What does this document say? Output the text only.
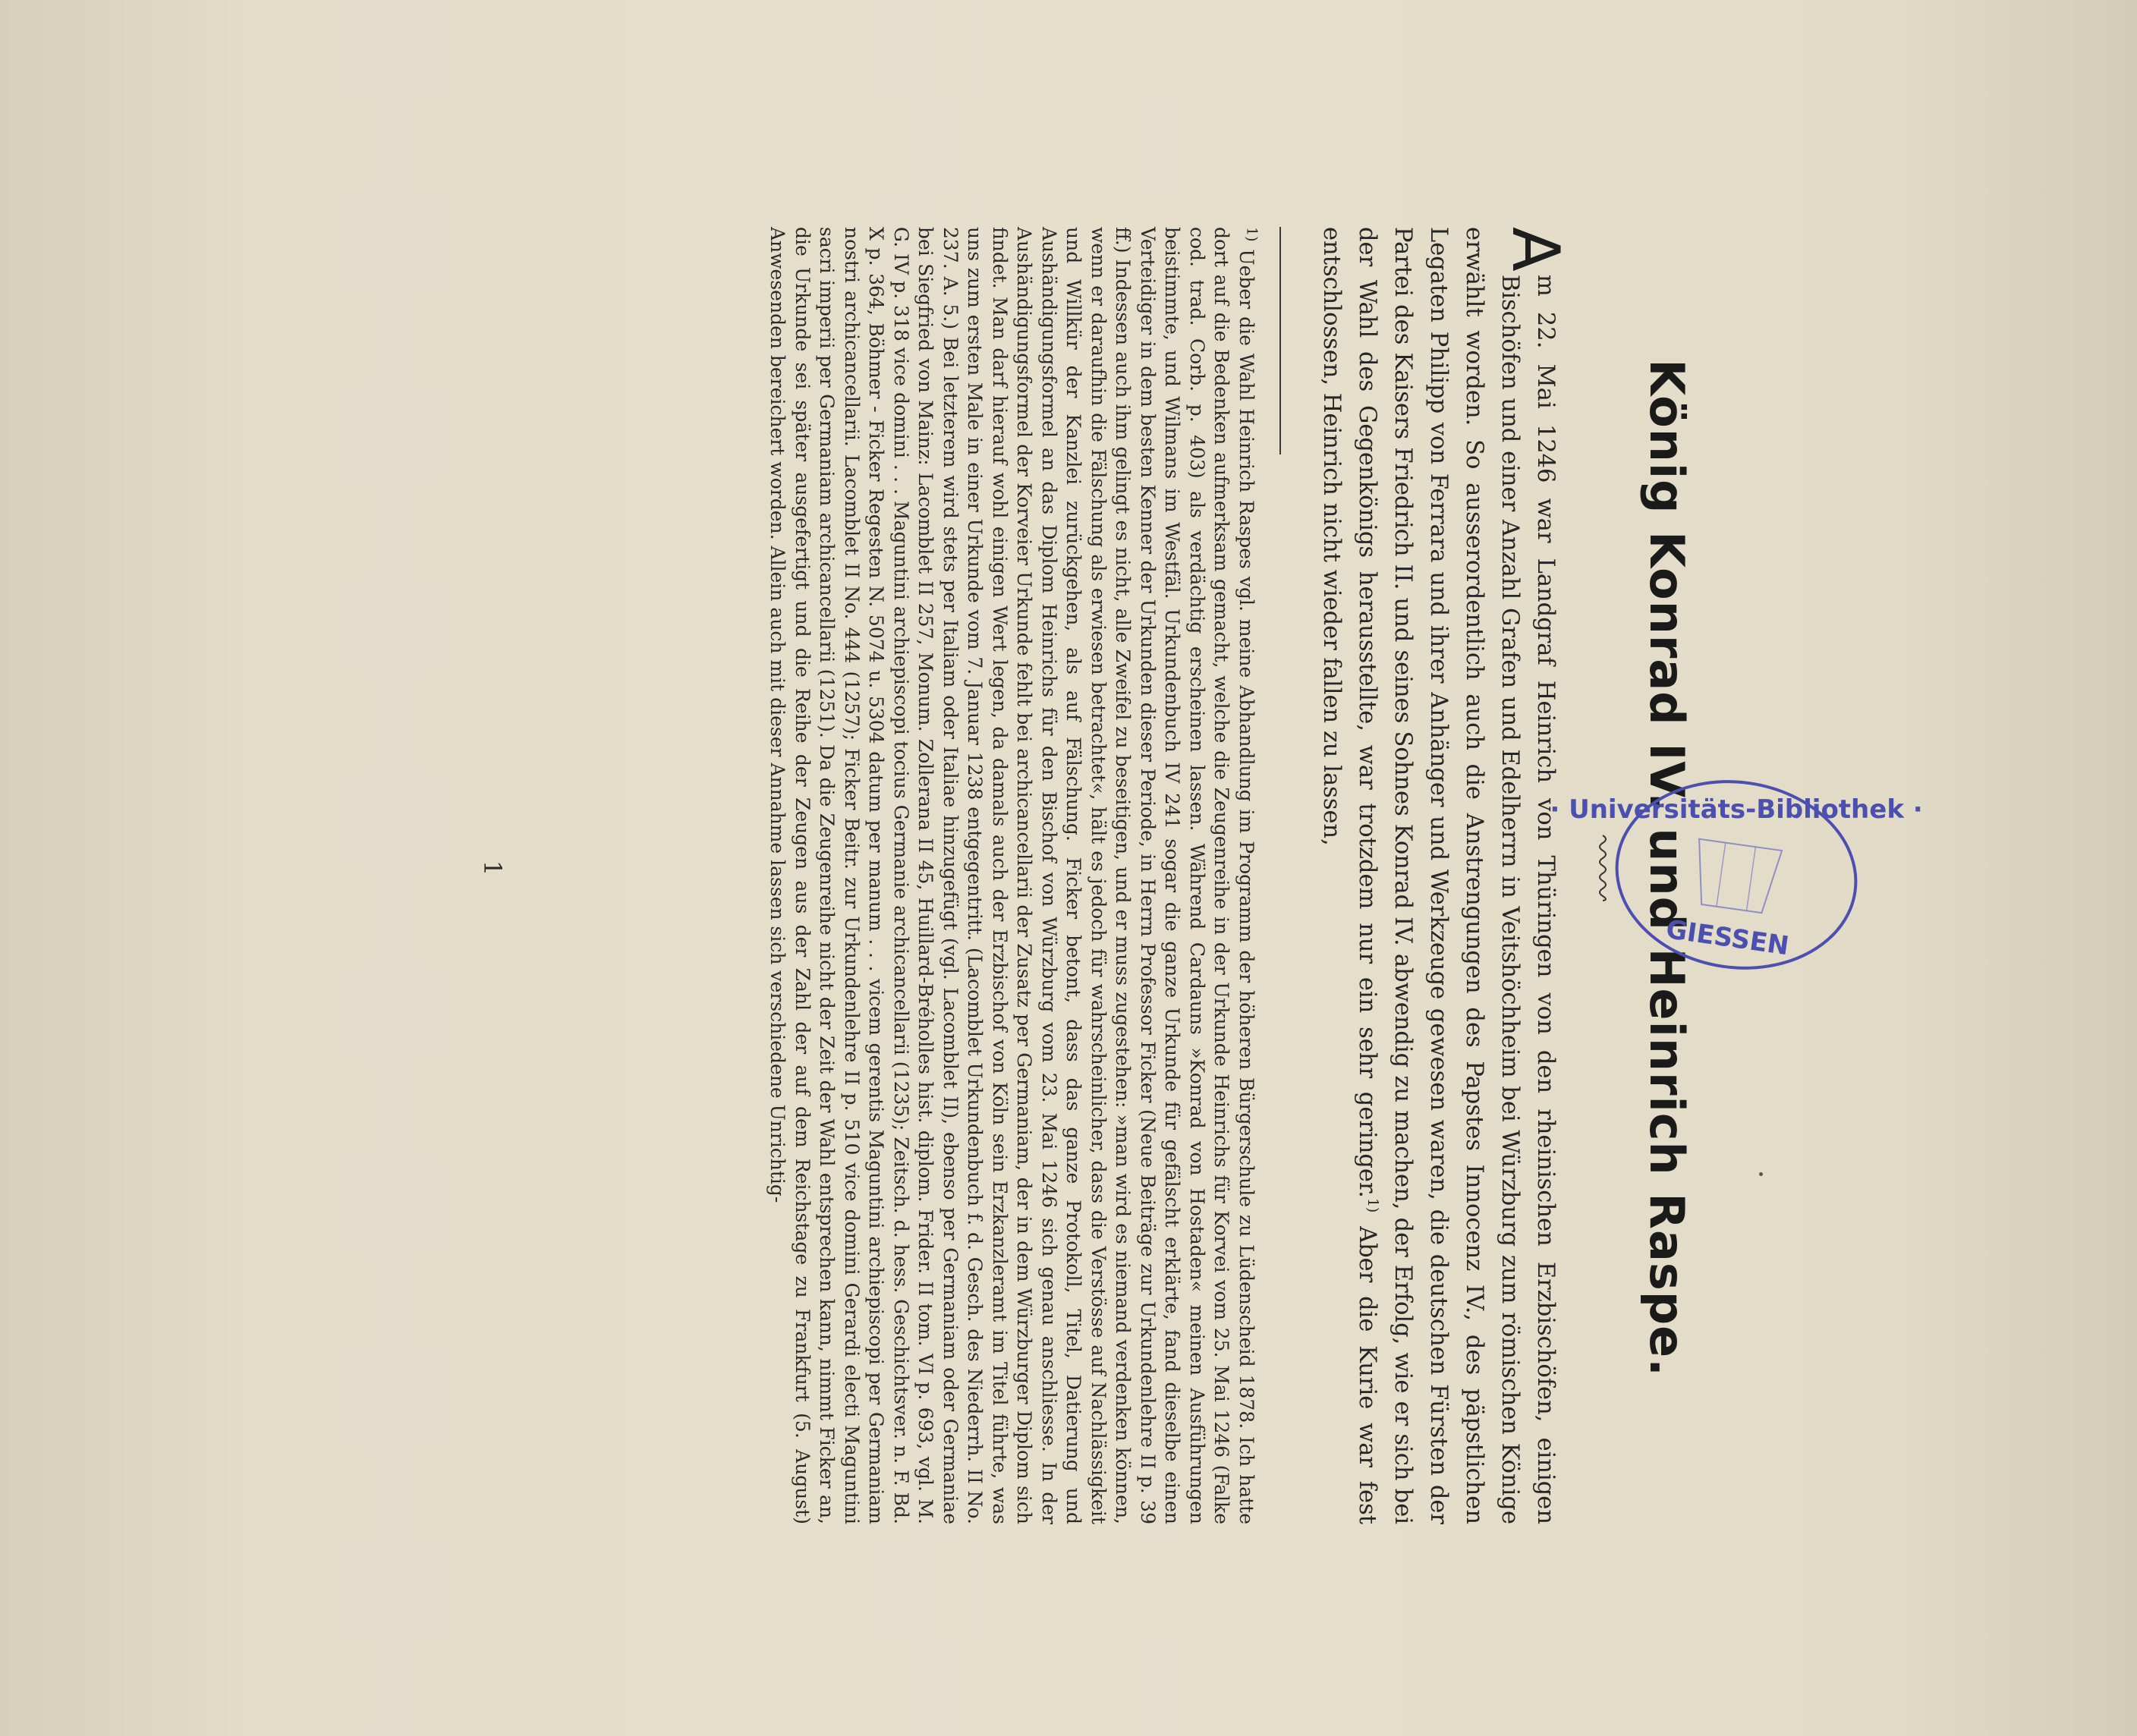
König Konrad IV. und Heinrich Raspe.
A
m 22. Mai 1246 war Landgraf Heinrich von Thüringen von den rheinischen Erzbischöfen, einigen Bischöfen und einer Anzahl Grafen und Edelherrn in Veitshöchheim bei Würzburg zum römischen Könige erwählt worden. So ausserordentlich auch die Anstrengungen des Papstes Innocenz IV., des päpstlichen Legaten Philipp von Ferrara und ihrer Anhänger und Werkzeuge gewesen waren, die deutschen Fürsten der Partei des Kaisers Friedrich II. und seines Sohnes Konrad IV. abwendig zu machen, der Erfolg, wie er sich bei der Wahl des Gegenkönigs herausstellte, war trotzdem nur ein sehr geringer.$^{1)}$ Aber die Kurie war fest entschlossen, Heinrich nicht wieder fallen zu lassen,
$^{1)}$ Ueber die Wahl Heinrich Raspes vgl. meine Abhandlung im Programm der höheren Bürgerschule zu Lüdenscheid 1878. Ich hatte dort auf die Bedenken aufmerksam gemacht, welche die Zeugenreihe in der Urkunde Heinrichs für Korvei vom 25. Mai 1246 (Falke cod. trad. Corb. p. 403) als verdächtig erscheinen lassen. Während Cardauns »Konrad von Hostaden« meinen Ausführungen beistimmte, und Wilmans im Westfäl. Urkundenbuch IV 241 sogar die ganze Urkunde für gefälscht erklärte, fand dieselbe einen Verteidiger in dem besten Kenner der Urkunden dieser Periode, in Herrn Professor Ficker (Neue Beiträge zur Urkundenlehre II p. 39 ff.) Indessen auch ihm gelingt es nicht, alle Zweifel zu beseitigen, und er muss zugestehen: »man wird es niemand verdenken können, wenn er daraufhin die Fälschung als erwiesen betrachtet«, hält es jedoch für wahrscheinlicher, dass die Verstösse auf Nachlässigkeit und Willkür der Kanzlei zurückgehen, als auf Fälschung. Ficker betont, dass das ganze Protokoll, Titel, Datierung und Aushändigungsformel an das Diplom Heinrichs für den Bischof von Würzburg vom 23. Mai 1246 sich genau anschliesse. In der Aushändigungsformel der Korveier Urkunde fehlt bei archicancellarii der Zusatz per Germaniam, der in dem Würzburger Diplom sich findet. Man darf hierauf wohl einigen Wert legen, da damals auch der Erzbischof von Köln sein Erzkanzleramt im Titel führte, was uns zum ersten Male in einer Urkunde vom 7. Januar 1238 entgegentritt. (Lacomblet Urkundenbuch f. d. Gesch. des Niederrh. II No. 237. A. 5.) Bei letzterem wird stets per Italiam oder Italiae hinzugefügt (vgl. Lacomblet II), ebenso per Germaniam oder Germaniae bei Siegfried von Mainz: Lacomblet II 257, Monum. Zollerana II 45, Huillard-Bréholles hist. diplom. Frider. II tom. VI p. 693, vgl. M. G. IV p. 318 vice domini . . . Maguntini archiepiscopi tocius Germanie archicancellarii (1235); Zeitsch. d. hess. Geschichtsver. n. F. Bd. X p. 364, Böhmer - Ficker Regesten N. 5074 u. 5304 datum per manum . . . vicem gerentis Maguntini archiepiscopi per Germaniam nostri archicancellarii. Lacomblet II No. 444 (1257); Ficker Beitr. zur Urkundenlehre II p. 510 vice domini Gerardi electi Maguntini sacri imperii per Germaniam archicancellarii (1251). Da die Zeugenreihe nicht der Zeit der Wahl entsprechen kann, nimmt Ficker an, die Urkunde sei später ausgefertigt und die Reihe der Zeugen aus der Zahl der auf dem Reichstage zu Frankfurt (5. August) Anwesenden bereichert worden. Allein auch mit dieser Annahme lassen sich verschiedene Unrichtig-
1
· Universitäts-Bibliothek ·
GIESSEN
